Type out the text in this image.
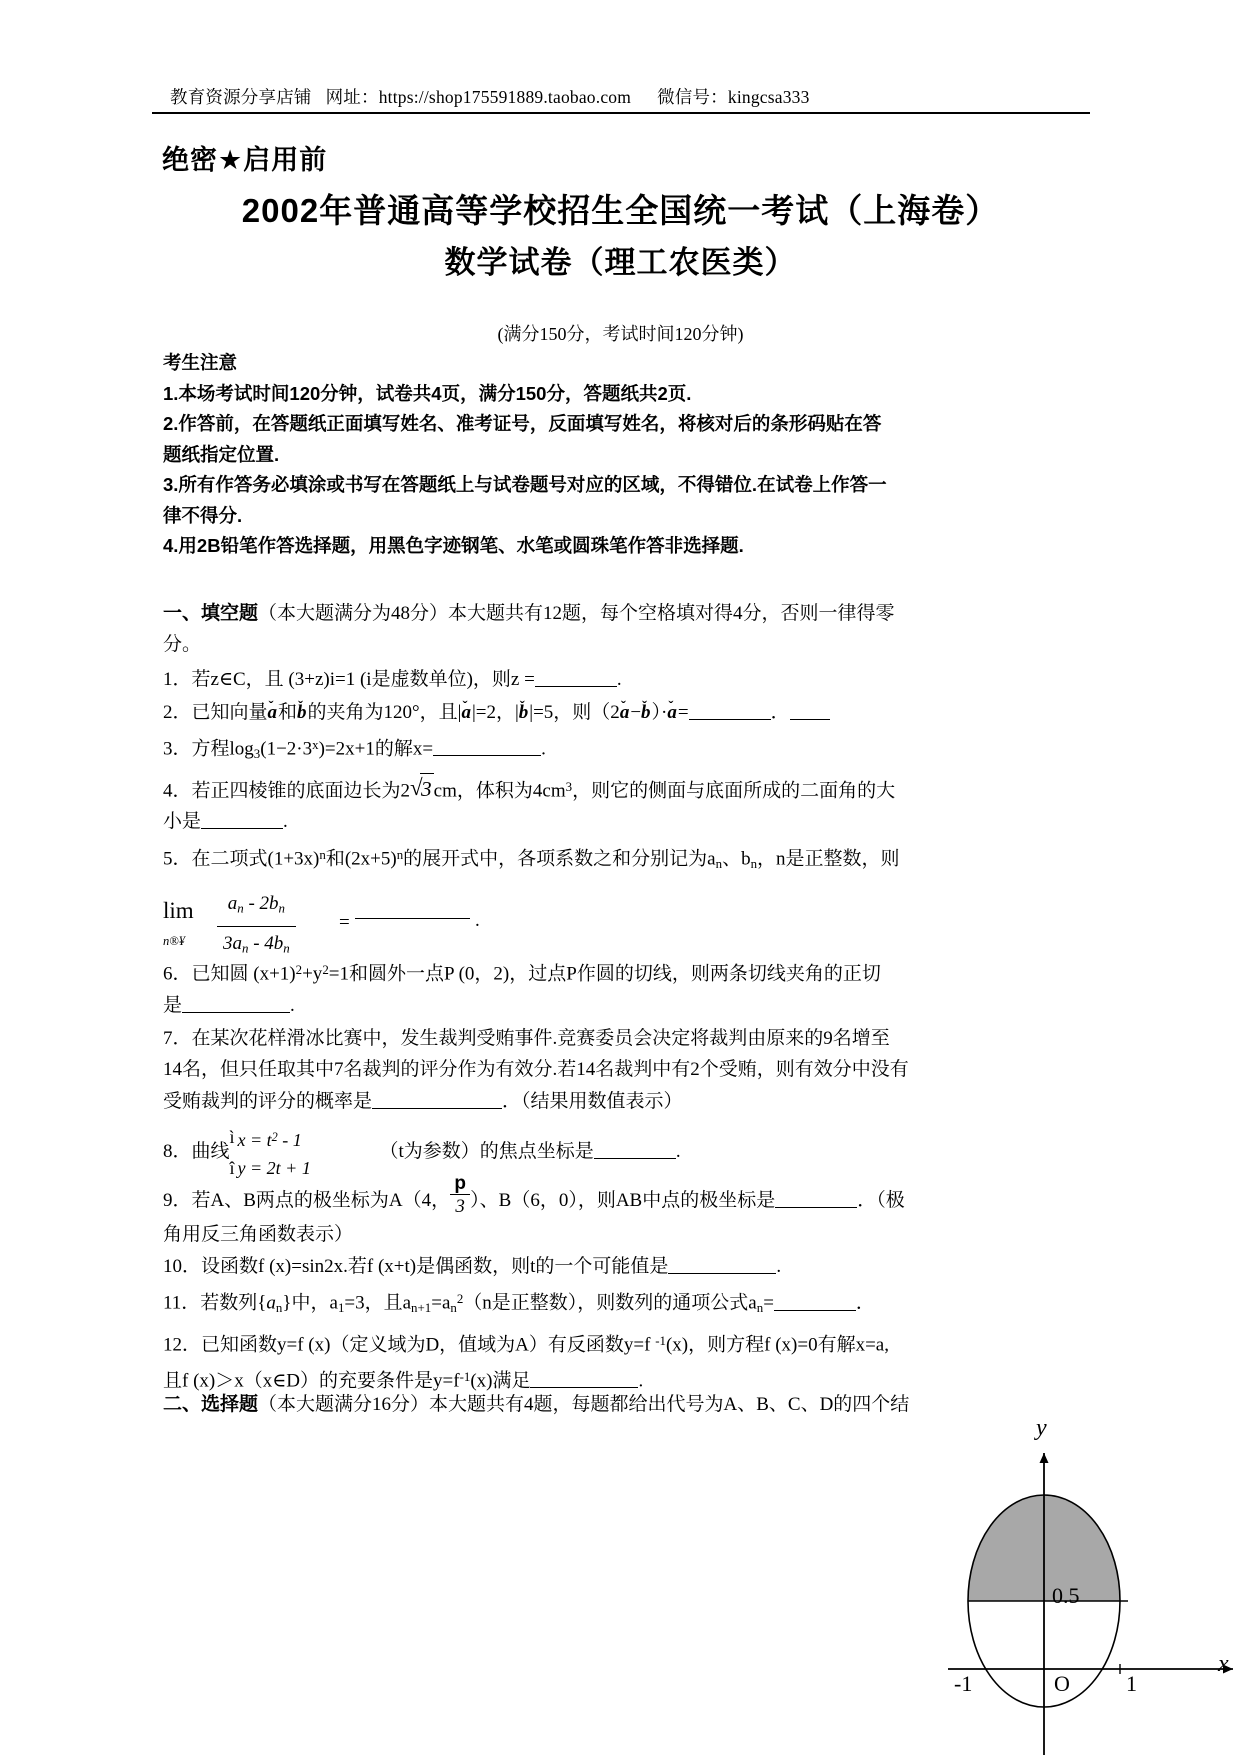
教育资源分享店铺 网址：https://shop175591889.taobao.com 微信号：kingcsa333
绝密★启用前
2002年普通高等学校招生全国统一考试（上海卷）
数学试卷（理工农医类）
(满分150分，考试时间120分钟)
考生注意
1.本场考试时间120分钟，试卷共4页，满分150分，答题纸共2页.
2.作答前，在答题纸正面填写姓名、准考证号，反面填写姓名，将核对后的条形码贴在答
题纸指定位置.
3.所有作答务必填涂或书写在答题纸上与试卷题号对应的区域，不得错位.在试卷上作答一
律不得分.
4.用2B铅笔作答选择题，用黑色字迹钢笔、水笔或圆珠笔作答非选择题.
一、填空题（本大题满分为48分）本大题共有12题，每个空格填对得4分，否则一律得零
分。
1．若z∈C，且 (3+z)i=1 (i是虚数单位)，则z =	.
2．已知向量ˇ a和ˇ b的夹角为120°，且|ˇ a|=2，|ˇ b|=5，则（2ˇ a−ˇ b）·ˇ a=	．
3．方程$\log_3(1-2\cdot 3^x)=2x+1$的解x=	.
4．若正四棱锥的底面边长为2 √ 3 cm，体积为$4cm^3$，则它的侧面与底面所成的二面角的大
小是	.
5．在二项式$(1+3x)^n$和$(2x+5)^n$的展开式中，各项系数之和分别记为$a_n$、$b_n$，n是正整数，则
lim
n®¥ $\frac{a_n - 2b_n}{3a_n - 4b_n}$ =	.
6．已知圆 $(x+1)^2+y^2=1$和圆外一点P (0，2)，过点P作圆的切线，则两条切线夹角的正切
是	.
7．在某次花样滑冰比赛中，发生裁判受贿事件.竞赛委员会决定将裁判由原来的9名增至
14名，但只任取其中7名裁判的评分作为有效分.若14名裁判中有2个受贿，则有效分中没有
受贿裁判的评分的概率是	．（结果用数值表示）
8．曲线
ì $x = t^2 - 1$
î y = 2t + 1
（t为参数）的焦点坐标是	.
9．若A、B两点的极坐标为A（4， $\frac{p}{3}$ ）、B（6，0），则AB中点的极坐标是	．（极
角用反三角函数表示）
10．设函数f (x)=sin2x.若f (x+t)是偶函数，则t的一个可能值是	.
11．若数列$\{a_n\}$中，$a_1=3$，且$a_{n+1}=a_n^2(n$是正整数），则数列的通项公式$a_n=$	．
12．已知函数y=f (x)（定义域为D，值域为A）有反函数y=f $^{-1}$(x)，则方程f (x)=0有解x=a,
且f (x)＞x（x∈D）的充要条件是$y=f^{-1}(x)$满足	.
二、选择题（本大题满分16分）本大题共有4题，每题都给出代号为A、B、C、D的四个结
y
x
O
0.5
-1	1
